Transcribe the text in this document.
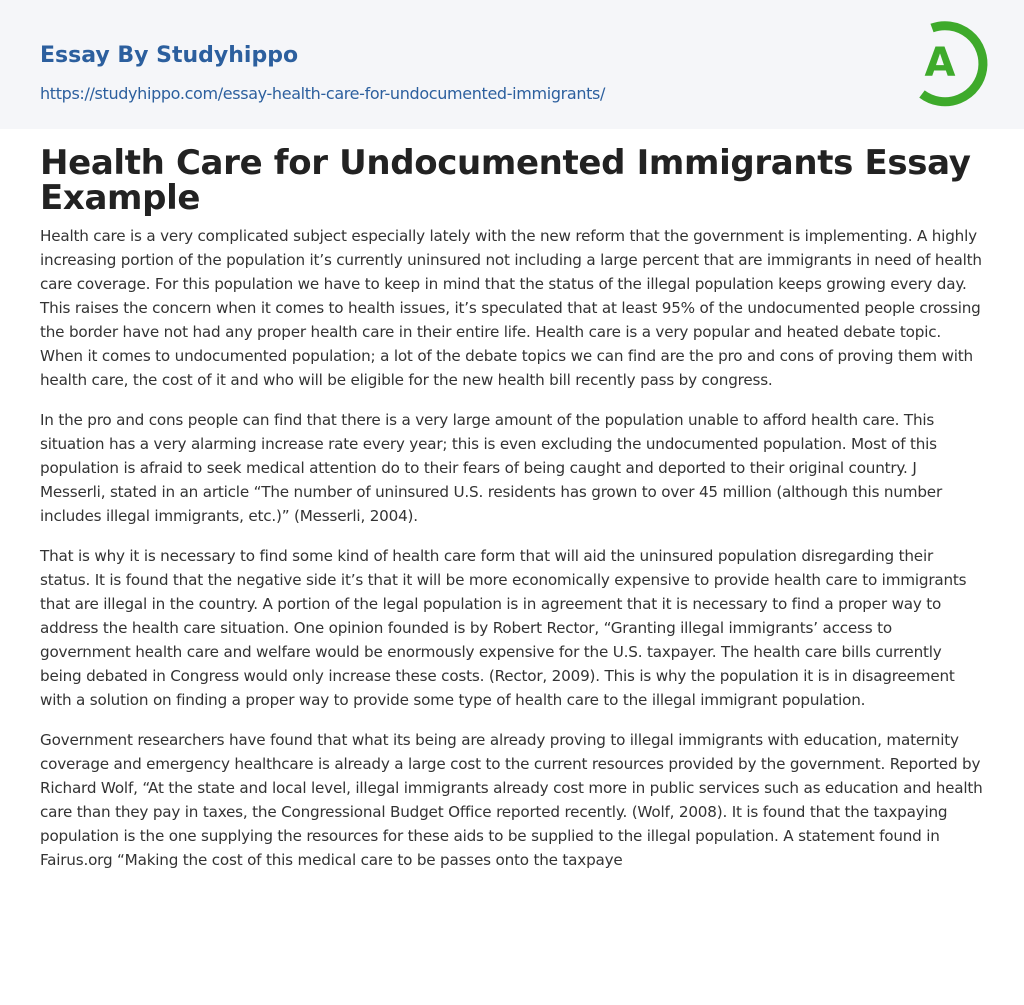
Essay By Studyhippo
https://studyhippo.com/essay-health-care-for-undocumented-immigrants/
A
Health Care for Undocumented Immigrants Essay Example

Health care is a very complicated subject especially lately with the new reform that the government is implementing. A highly increasing portion of the population it’s currently uninsured not including a large percent that are immigrants in need of health care coverage. For this population we have to keep in mind that the status of the illegal population keeps growing every day. This raises the concern when it comes to health issues, it’s speculated that at least 95% of the undocumented people crossing the border have not had any proper health care in their entire life. Health care is a very popular and heated debate topic. When it comes to undocumented population; a lot of the debate topics we can find are the pro and cons of proving them with health care, the cost of it and who will be eligible for the new health bill recently pass by congress.

In the pro and cons people can find that there is a very large amount of the population unable to afford health care. This situation has a very alarming increase rate every year; this is even excluding the undocumented population. Most of this population is afraid to seek medical attention do to their fears of being caught and deported to their original country. J Messerli, stated in an article “The number of uninsured U.S. residents has grown to over 45 million (although this number includes illegal immigrants, etc.)” (Messerli, 2004).

That is why it is necessary to find some kind of health care form that will aid the uninsured population disregarding their status. It is found that the negative side it’s that it will be more economically expensive to provide health care to immigrants that are illegal in the country. A portion of the legal population is in agreement that it is necessary to find a proper way to address the health care situation. One opinion founded is by Robert Rector, “Granting illegal immigrants’ access to government health care and welfare would be enormously expensive for the U.S. taxpayer. The health care bills currently being debated in Congress would only increase these costs. (Rector, 2009). This is why the population it is in disagreement with a solution on finding a proper way to provide some type of health care to the illegal immigrant population.

Government researchers have found that what its being are already proving to illegal immigrants with education, maternity coverage and emergency healthcare is already a large cost to the current resources provided by the government. Reported by Richard Wolf, “At the state and local level, illegal immigrants already cost more in public services such as education and health care than they pay in taxes, the Congressional Budget Office reported recently. (Wolf, 2008). It is found that the taxpaying population is the one supplying the resources for these aids to be supplied to the illegal population. A statement found in Fairus.org “Making the cost of this medical care to be passes onto the taxpaye
